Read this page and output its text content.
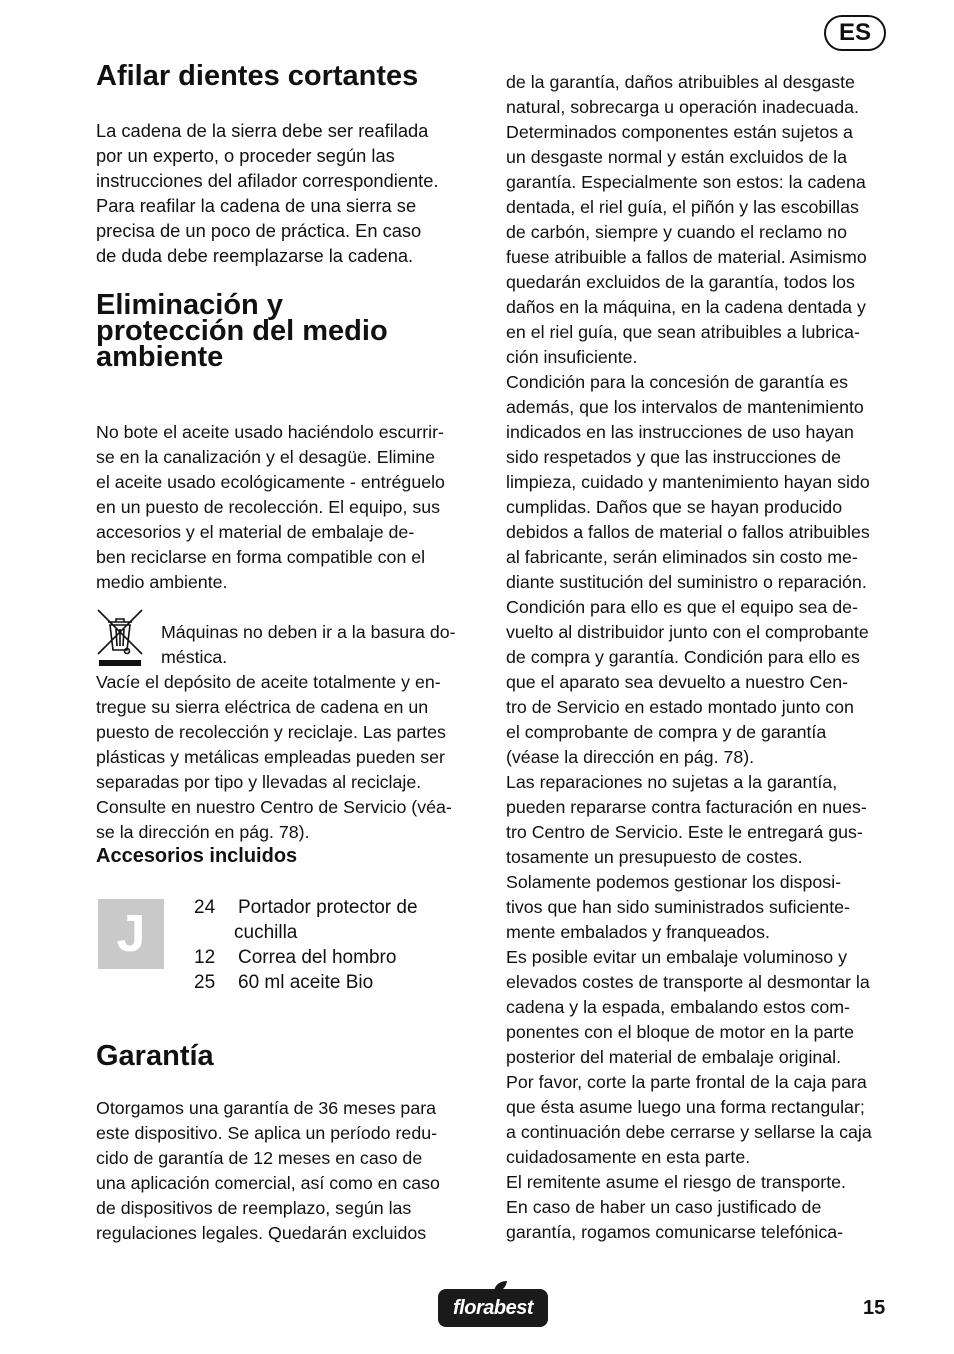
ES
Afilar dientes cortantes

La cadena de la sierra debe ser reafilada

por un experto, o proceder según las

instrucciones del afilador correspondiente.

Para reafilar la cadena de una sierra se

precisa de un poco de práctica. En caso

de duda debe reemplazarse la cadena.

Eliminación y

protección del medio

ambiente

No bote el aceite usado haciéndolo escurrir-

se en la canalización y el desagüe. Elimine

el aceite usado ecológicamente - entréguelo

en un puesto de recolección. El equipo, sus

accesorios y el material de embalaje de-

ben reciclarse en forma compatible con el

medio ambiente.

Máquinas no deben ir a la basura do-

méstica.

Vacíe el depósito de aceite totalmente y en-

tregue su sierra eléctrica de cadena en un

puesto de recolección y reciclaje. Las partes

plásticas y metálicas empleadas pueden ser

separadas por tipo y llevadas al reciclaje.

Consulte en nuestro Centro de Servicio (véa-

se la dirección en pág. 78).

Accesorios incluidos

J	24 Portador protector de
cuchilla
12 Correa del hombro
25 60 ml aceite Bio
Garantía

Otorgamos una garantía de 36 meses para

este dispositivo. Se aplica un período redu-

cido de garantía de 12 meses en caso de

una aplicación comercial, así como en caso

de dispositivos de reemplazo, según las

regulaciones legales. Quedarán excluidos

de la garantía, daños atribuibles al desgaste

natural, sobrecarga u operación inadecuada.

Determinados componentes están sujetos a

un desgaste normal y están excluidos de la

garantía. Especialmente son estos: la cadena

dentada, el riel guía, el piñón y las escobillas

de carbón, siempre y cuando el reclamo no

fuese atribuible a fallos de material. Asimismo

quedarán excluidos de la garantía, todos los

daños en la máquina, en la cadena dentada y

en el riel guía, que sean atribuibles a lubrica-

ción insuficiente.

Condición para la concesión de garantía es

además, que los intervalos de mantenimiento

indicados en las instrucciones de uso hayan

sido respetados y que las instrucciones de

limpieza, cuidado y mantenimiento hayan sido

cumplidas. Daños que se hayan producido

debidos a fallos de material o fallos atribuibles

al fabricante, serán eliminados sin costo me-

diante sustitución del suministro o reparación.

Condición para ello es que el equipo sea de-

vuelto al distribuidor junto con el comprobante

de compra y garantía. Condición para ello es

que el aparato sea devuelto a nuestro Cen-

tro de Servicio en estado montado junto con

el comprobante de compra y de garantía

(véase la dirección en pág. 78).

Las reparaciones no sujetas a la garantía,

pueden repararse contra facturación en nues-

tro Centro de Servicio. Este le entregará gus-

tosamente un presupuesto de costes.

Solamente podemos gestionar los disposi-

tivos que han sido suministrados suficiente-

mente embalados y franqueados.

Es posible evitar un embalaje voluminoso y

elevados costes de transporte al desmontar la

cadena y la espada, embalando estos com-

ponentes con el bloque de motor en la parte

posterior del material de embalaje original.

Por favor, corte la parte frontal de la caja para

que ésta asume luego una forma rectangular;

a continuación debe cerrarse y sellarse la caja

cuidadosamente en esta parte.

El remitente asume el riesgo de transporte.

En caso de haber un caso justificado de

garantía, rogamos comunicarse telefónica-

florabest	15
